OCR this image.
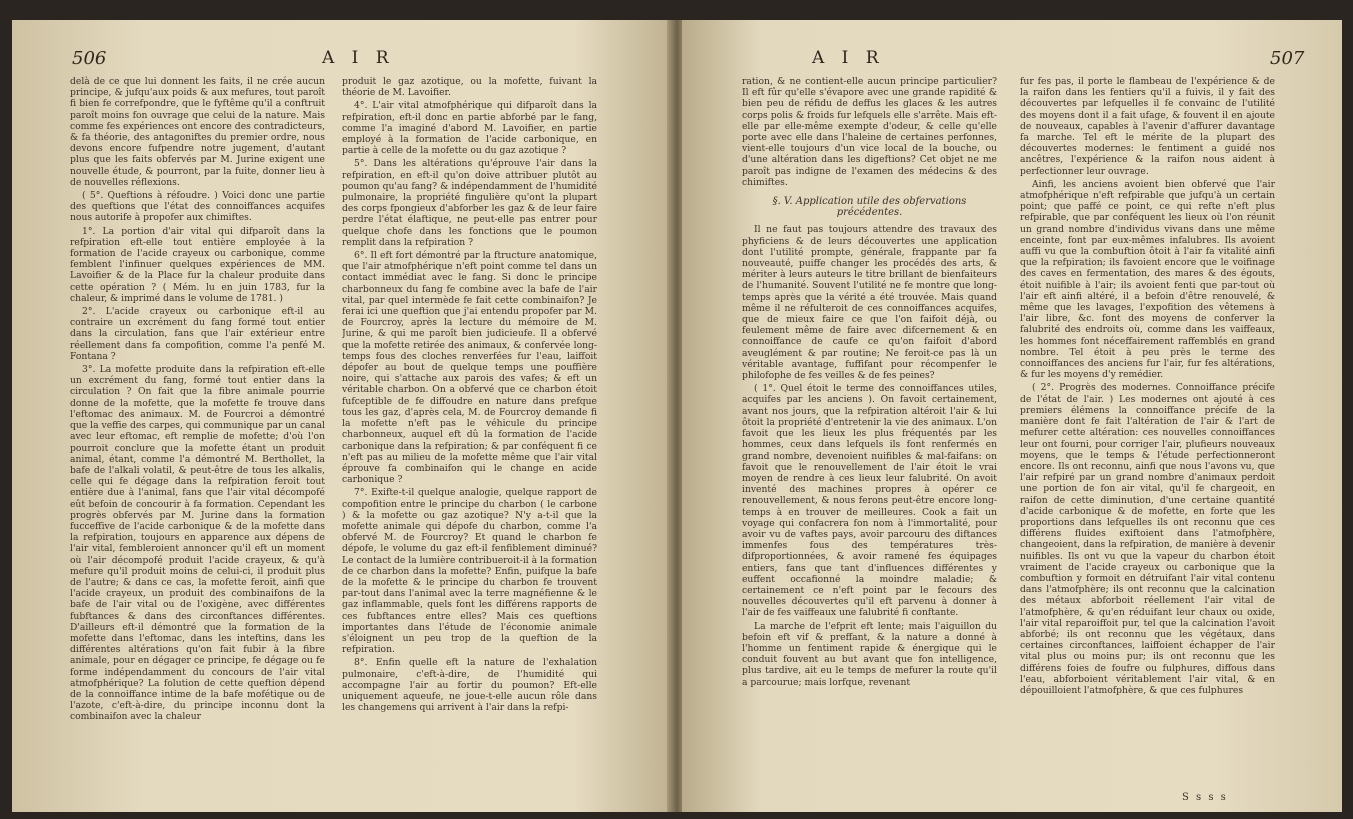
506	A I R

delà de ce que lui donnent les faits, il ne crée aucun principe, & jufqu'aux poids & aux mefures, tout paroît fi bien fe correfpondre, que le fyftême qu'il a conftruit paroît moins fon ouvrage que celui de la nature. Mais comme fes expériences ont encore des contradicteurs, & fa théorie, des antagoniftes du premier ordre, nous devons encore fufpendre notre jugement, d'autant plus que les faits obfervés par M. Jurine exigent une nouvelle étude, & pourront, par la fuite, donner lieu à de nouvelles réflexions.

( 5°. Queftions à réfoudre. ) Voici donc une partie des queftions que l'état des connoiffances acquifes nous autorife à propofer aux chimiftes.

1°. La portion d'air vital qui difparoît dans la refpiration eft-elle tout entière employée à la formation de l'acide crayeux ou carbonique, comme femblent l'infinuer quelques expériences de MM. Lavoifier & de la Place fur la chaleur produite dans cette opération ? ( Mém. lu en juin 1783, fur la chaleur, & imprimé dans le volume de 1781. )

2°. L'acide crayeux ou carbonique eft-il au contraire un excrément du fang formé tout entier dans la circulation, fans que l'air extérieur entre réellement dans fa compofition, comme l'a penfé M. Fontana ?

3°. La mofette produite dans la refpiration eft-elle un excrément du fang, formé tout entier dans la circulation ? On fait que la fibre animale pourrie donne de la mofette, que la mofette fe trouve dans l'eftomac des animaux. M. de Fourcroi a démontré que la veffie des carpes, qui communique par un canal avec leur eftomac, eft remplie de mofette; d'où l'on pourroit conclure que la mofette étant un produit animal, étant, comme l'a démontré M. Berthollet, la bafe de l'alkali volatil, & peut-être de tous les alkalis, celle qui fe dégage dans la refpiration feroit tout entière due à l'animal, fans que l'air vital décompofé eût befoin de concourir à fa formation. Cependant les progrès obfervés par M. Jurine dans la formation fucceffive de l'acide carbonique & de la mofette dans la refpiration, toujours en apparence aux dépens de l'air vital, fembleroient annoncer qu'il eft un moment où l'air décompofé produit l'acide crayeux, & qu'à mefure qu'il produit moins de celui-ci, il produit plus de l'autre; & dans ce cas, la mofette feroit, ainfi que l'acide crayeux, un produit des combinaifons de la bafe de l'air vital ou de l'oxigène, avec différentes fubftances & dans des circonftances différentes. D'ailleurs eft-il démontré que la formation de la mofette dans l'eftomac, dans les inteftins, dans les différentes altérations qu'on fait fubir à la fibre animale, pour en dégager ce principe, fe dégage ou fe forme indépendamment du concours de l'air vital atmofphérique? La folution de cette queftion dépend de la connoiffance intime de la bafe mofétique ou de l'azote, c'eft-à-dire, du principe inconnu dont la combinaifon avec la chaleur

produit le gaz azotique, ou la mofette, fuivant la théorie de M. Lavoifier.

4°. L'air vital atmofphérique qui difparoît dans la refpiration, eft-il donc en partie abforbé par le fang, comme l'a imaginé d'abord M. Lavoifier, en partie employé à la formation de l'acide carbonique, en partie à celle de la mofette ou du gaz azotique ?

5°. Dans les altérations qu'éprouve l'air dans la refpiration, en eft-il qu'on doive attribuer plutôt au poumon qu'au fang? & indépendamment de l'humidité pulmonaire, la propriété fingulière qu'ont la plupart des corps fpongieux d'abforber les gaz & de leur faire perdre l'état élaftique, ne peut-elle pas entrer pour quelque chofe dans les fonctions que le poumon remplit dans la refpiration ?

6°. Il eft fort démontré par la ftructure anatomique, que l'air atmofphérique n'eft point comme tel dans un contact immédiat avec le fang. Si donc le principe charbonneux du fang fe combine avec la bafe de l'air vital, par quel intermède fe fait cette combinaifon? Je ferai ici une queftion que j'ai entendu propofer par M. de Fourcroy, après la lecture du mémoire de M. Jurine, & qui me paroît bien judicieufe. Il a obfervé que la mofette retirée des animaux, & confervée long-temps fous des cloches renverfées fur l'eau, laiffoit dépofer au bout de quelque temps une pouffière noire, qui s'attache aux parois des vafes; & eft un véritable charbon. On a obfervé que ce charbon étoit fufceptible de fe diffoudre en nature dans prefque tous les gaz, d'après cela, M. de Fourcroy demande fi la mofette n'eft pas le véhicule du principe charbonneux, auquel eft dû la formation de l'acide carbonique dans la refpiration; & par conféquent fi ce n'eft pas au milieu de la mofette même que l'air vital éprouve fa combinaifon qui le change en acide carbonique ?

7°. Exifte-t-il quelque analogie, quelque rapport de compofition entre le principe du charbon ( le carbone ) & la mofette ou gaz azotique? N'y a-t-il que la mofette animale qui dépofe du charbon, comme l'a obfervé M. de Fourcroy? Et quand le charbon fe dépofe, le volume du gaz eft-il fenfiblement diminué? Le contact de la lumière contribueroit-il à la formation de ce charbon dans la mofette? Enfin, puifque la bafe de la mofette & le principe du charbon fe trouvent par-tout dans l'animal avec la terre magnéfienne & le gaz inflammable, quels font les différens rapports de ces fubftances entre elles? Mais ces queftions importantes dans l'étude de l'économie animale s'éloignent un peu trop de la queftion de la refpiration.

8°. Enfin quelle eft la nature de l'exhalation pulmonaire, c'eft-à-dire, de l'humidité qui accompagne l'air au fortir du poumon? Eft-elle uniquement aqueufe, ne joue-t-elle aucun rôle dans les changemens qui arrivent à l'air dans la refpi-

A I R	507

ration, & ne contient-elle aucun principe particulier? Il eft fûr qu'elle s'évapore avec une grande rapidité & bien peu de réfidu de deffus les glaces & les autres corps polis & froids fur lefquels elle s'arrête. Mais eft-elle par elle-même exempte d'odeur, & celle qu'elle porte avec elle dans l'haleine de certaines perfonnes, vient-elle toujours d'un vice local de la bouche, ou d'une altération dans les digeftions? Cet objet ne me paroît pas indigne de l'examen des médecins & des chimiftes.

§. V. Application utile des obfervations précédentes.

Il ne faut pas toujours attendre des travaux des phyficiens & de leurs découvertes une application dont l'utilité prompte, générale, frappante par fa nouveauté, puiffe changer les procédés des arts, & mériter à leurs auteurs le titre brillant de bienfaiteurs de l'humanité. Souvent l'utilité ne fe montre que long-temps après que la vérité a été trouvée. Mais quand même il ne réfulteroit de ces connoiffances acquifes, que de mieux faire ce que l'on faifoit déjà, ou feulement même de faire avec difcernement & en connoiffance de caufe ce qu'on faifoit d'abord aveuglément & par routine; Ne feroit-ce pas là un véritable avantage, fuffifant pour récompenfer le philofophe de fes veilles & de fes peines?

( 1°. Quel étoit le terme des connoiffances utiles, acquifes par les anciens ). On favoit certainement, avant nos jours, que la refpiration altéroit l'air & lui ôtoit la propriété d'entretenir la vie des animaux. L'on favoit que les lieux les plus fréquentés par les hommes, ceux dans lefquels ils font renfermés en grand nombre, devenoient nuifibles & mal-faifans: on favoit que le renouvellement de l'air étoit le vrai moyen de rendre à ces lieux leur falubrité. On avoit inventé des machines propres à opérer ce renouvellement, & nous ferons peut-être encore long-temps à en trouver de meilleures. Cook a fait un voyage qui confacrera fon nom à l'immortalité, pour avoir vu de vaftes pays, avoir parcouru des diftances immenfes fous des températures très-difproportionnées, & avoir ramené fes équipages entiers, fans que tant d'influences différentes y euffent occafionné la moindre maladie; & certainement ce n'eft point par le fecours des nouvelles découvertes qu'il eft parvenu à donner à l'air de fes vaiffeaux une falubrité fi conftante.

La marche de l'efprit eft lente; mais l'aiguillon du befoin eft vif & preffant, & la nature a donné à l'homme un fentiment rapide & énergique qui le conduit fouvent au but avant que fon intelligence, plus tardive, ait eu le temps de mefurer la route qu'il a parcourue; mais lorfque, revenant

fur fes pas, il porte le flambeau de l'expérience & de la raifon dans les fentiers qu'il a fuivis, il y fait des découvertes par lefquelles il fe convainc de l'utilité des moyens dont il a fait ufage, & fouvent il en ajoute de nouveaux, capables à l'avenir d'affurer davantage fa marche. Tel eft le mérite de la plupart des découvertes modernes: le fentiment a guidé nos ancêtres, l'expérience & la raifon nous aident à perfectionner leur ouvrage.

Ainfi, les anciens avoient bien obfervé que l'air atmofphérique n'eft refpirable que jufqu'à un certain point; que paffé ce point, ce qui refte n'eft plus refpirable, que par conféquent les lieux où l'on réunit un grand nombre d'individus vivans dans une même enceinte, font par eux-mêmes infalubres. Ils avoient auffi vu que la combuftion ôtoit à l'air fa vitalité ainfi que la refpiration; ils favoient encore que le voifinage des caves en fermentation, des mares & des égouts, étoit nuifible à l'air; ils avoient fenti que par-tout où l'air eft ainfi altéré, il a befoin d'être renouvelé, & même que les lavages, l'expofition des vêtemens à l'air libre, &c. font des moyens de conferver la falubrité des endroits où, comme dans les vaiffeaux, les hommes font néceffairement raffemblés en grand nombre. Tel étoit à peu près le terme des connoiffances des anciens fur l'air, fur fes altérations, & fur les moyens d'y remédier.

( 2°. Progrès des modernes. Connoiffance précife de l'état de l'air. ) Les modernes ont ajouté à ces premiers élémens la connoiffance précife de la manière dont fe fait l'altération de l'air & l'art de mefurer cette altération: ces nouvelles connoiffances leur ont fourni, pour corriger l'air, plufieurs nouveaux moyens, que le temps & l'étude perfectionneront encore. Ils ont reconnu, ainfi que nous l'avons vu, que l'air refpiré par un grand nombre d'animaux perdoit une portion de fon air vital, qu'il fe chargeoit, en raifon de cette diminution, d'une certaine quantité d'acide carbonique & de mofette, en forte que les proportions dans lefquelles ils ont reconnu que ces différens fluides exiftoient dans l'atmofphère, changeoient, dans la refpiration, de manière à devenir nuifibles. Ils ont vu que la vapeur du charbon étoit vraiment de l'acide crayeux ou carbonique que la combuftion y formoit en détruifant l'air vital contenu dans l'atmofphère; ils ont reconnu que la calcination des métaux abforboit réellement l'air vital de l'atmofphère, & qu'en réduifant leur chaux ou oxide, l'air vital reparoiffoit pur, tel que la calcination l'avoit abforbé; ils ont reconnu que les végétaux, dans certaines circonftances, laiffoient échapper de l'air vital plus ou moins pur; ils ont reconnu que les différens foies de foufre ou fulphures, diffous dans l'eau, abforboient véritablement l'air vital, & en dépouilloient l'atmofphère, & que ces fulphures

S s s s
